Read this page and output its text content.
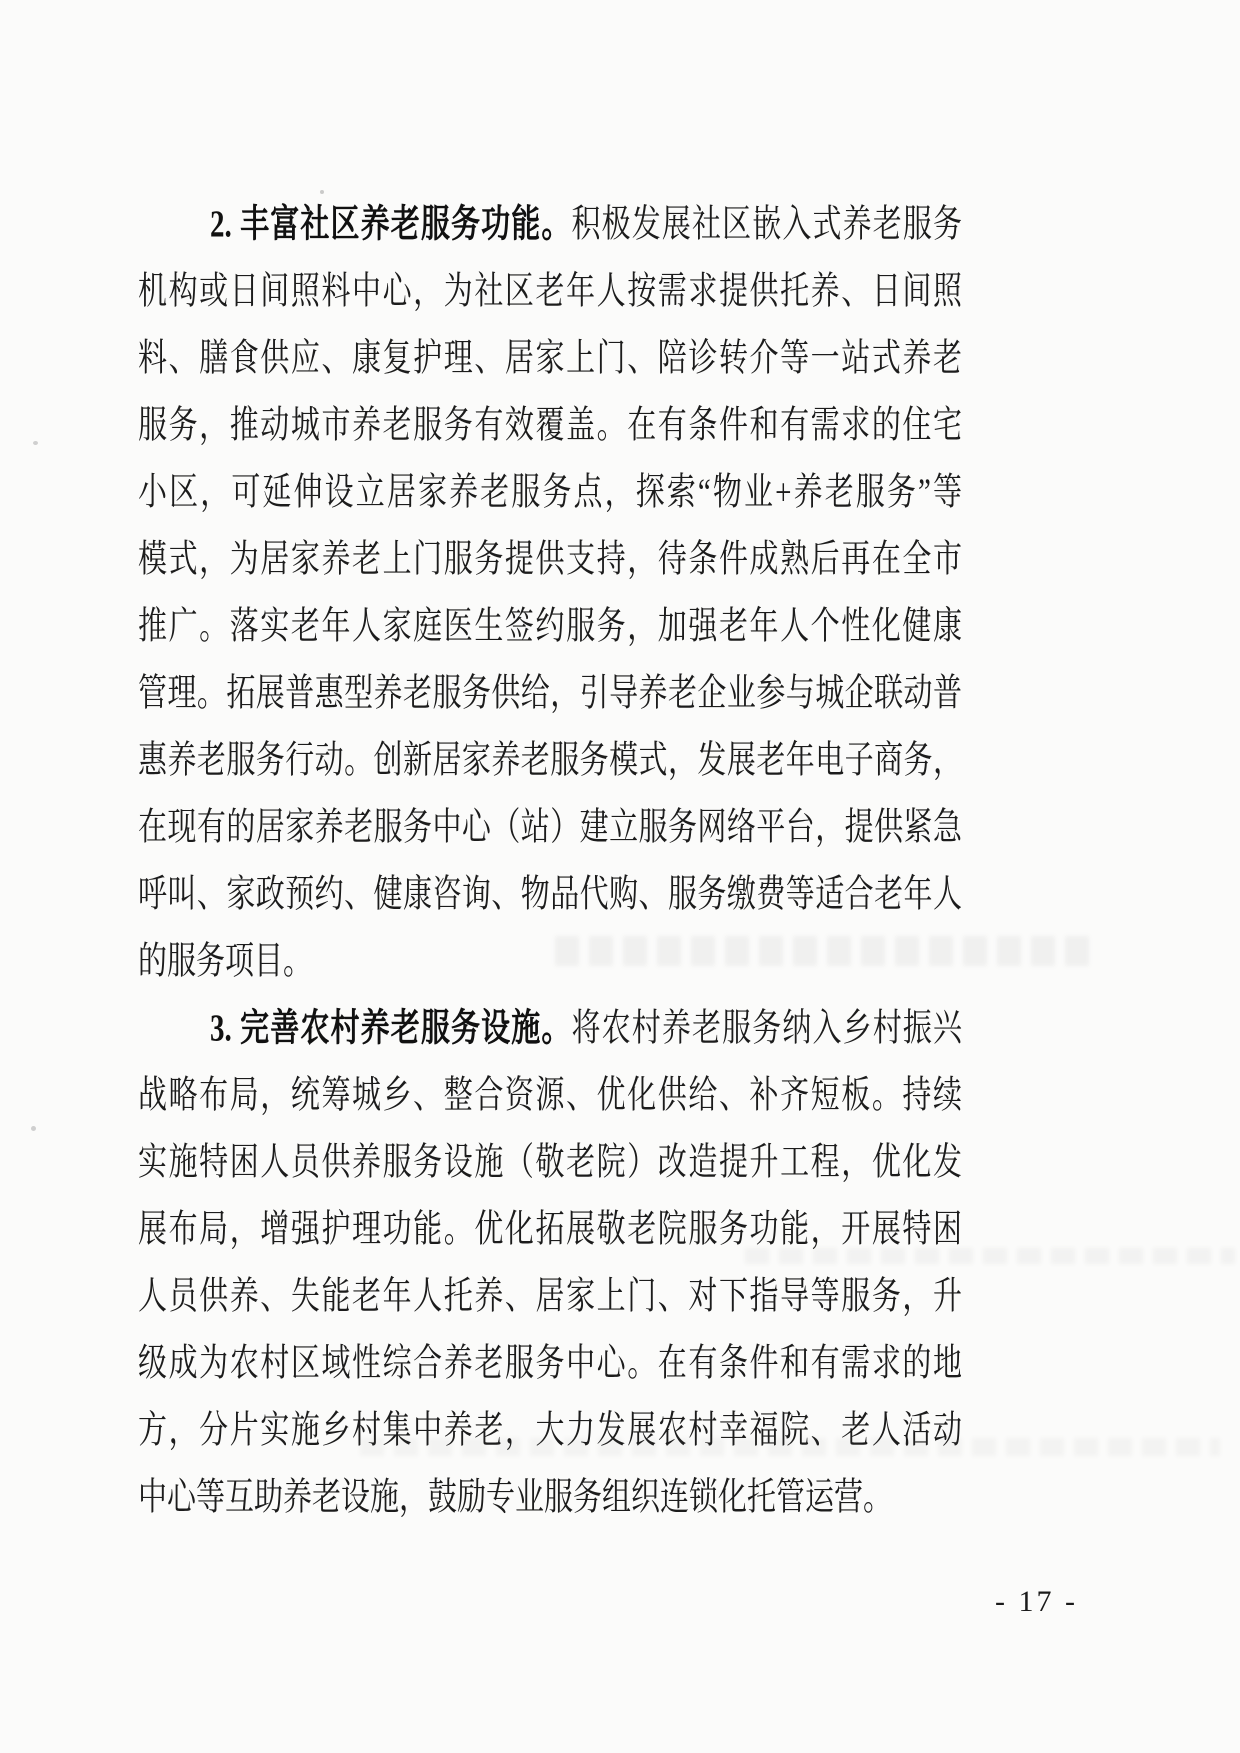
2. 丰富社区养老服务功能。积极发展社区嵌入式养老服务
机构或日间照料中心，为社区老年人按需求提供托养、日间照
料、膳食供应、康复护理、居家上门、陪诊转介等一站式养老
服务，推动城市养老服务有效覆盖。在有条件和有需求的住宅
小区，可延伸设立居家养老服务点，探索“物业+养老服务”等
模式，为居家养老上门服务提供支持，待条件成熟后再在全市
推广。落实老年人家庭医生签约服务，加强老年人个性化健康
管理。拓展普惠型养老服务供给，引导养老企业参与城企联动普
惠养老服务行动。创新居家养老服务模式，发展老年电子商务，
在现有的居家养老服务中心（站）建立服务网络平台，提供紧急
呼叫、家政预约、健康咨询、物品代购、服务缴费等适合老年人
的服务项目。
3. 完善农村养老服务设施。将农村养老服务纳入乡村振兴
战略布局，统筹城乡、整合资源、优化供给、补齐短板。持续
实施特困人员供养服务设施（敬老院）改造提升工程，优化发
展布局，增强护理功能。优化拓展敬老院服务功能，开展特困
人员供养、失能老年人托养、居家上门、对下指导等服务，升
级成为农村区域性综合养老服务中心。在有条件和有需求的地
方，分片实施乡村集中养老，大力发展农村幸福院、老人活动
中心等互助养老设施，鼓励专业服务组织连锁化托管运营。
- 17 -
